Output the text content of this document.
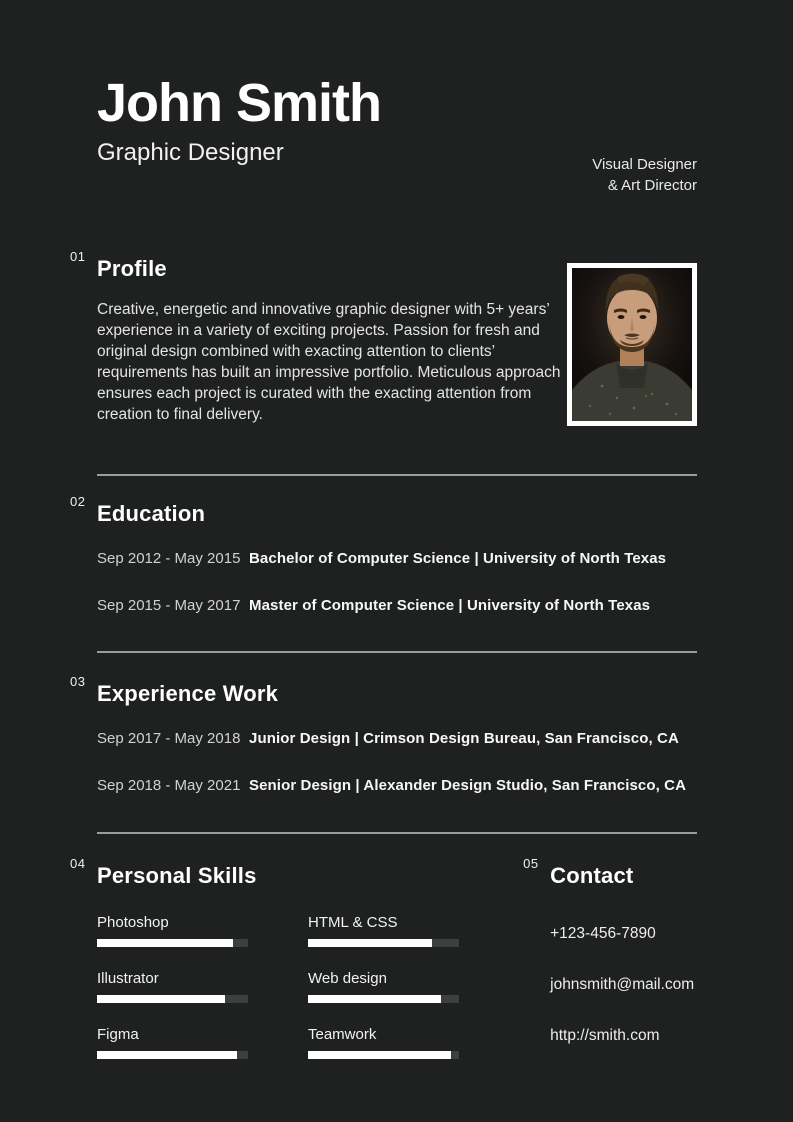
John Smith
Graphic Designer	Visual Designer
& Art Director
01 Profile

Creative, energetic and innovative graphic designer with 5+ years’ experience in a variety of exciting projects. Passion for fresh and original design combined with exacting attention to clients’ requirements has built an impressive portfolio. Meticulous approach ensures each project is curated with the exacting attention from creation to final delivery.

02 Education
Sep 2012 - May 2015 Bachelor of Computer Science | University of North Texas
Sep 2015 - May 2017 Master of Computer Science | University of North Texas
03 Experience Work
Sep 2017 - May 2018 Junior Design | Crimson Design Bureau, San Francisco, CA
Sep 2018 - May 2021 Senior Design | Alexander Design Studio, San Francisco, CA
04 Personal Skills
Photoshop	HTML & CSS
Illustrator	Web design
Figma	Teamwork
05 Contact
+123-456-7890
johnsmith@mail.com
http://smith.com
